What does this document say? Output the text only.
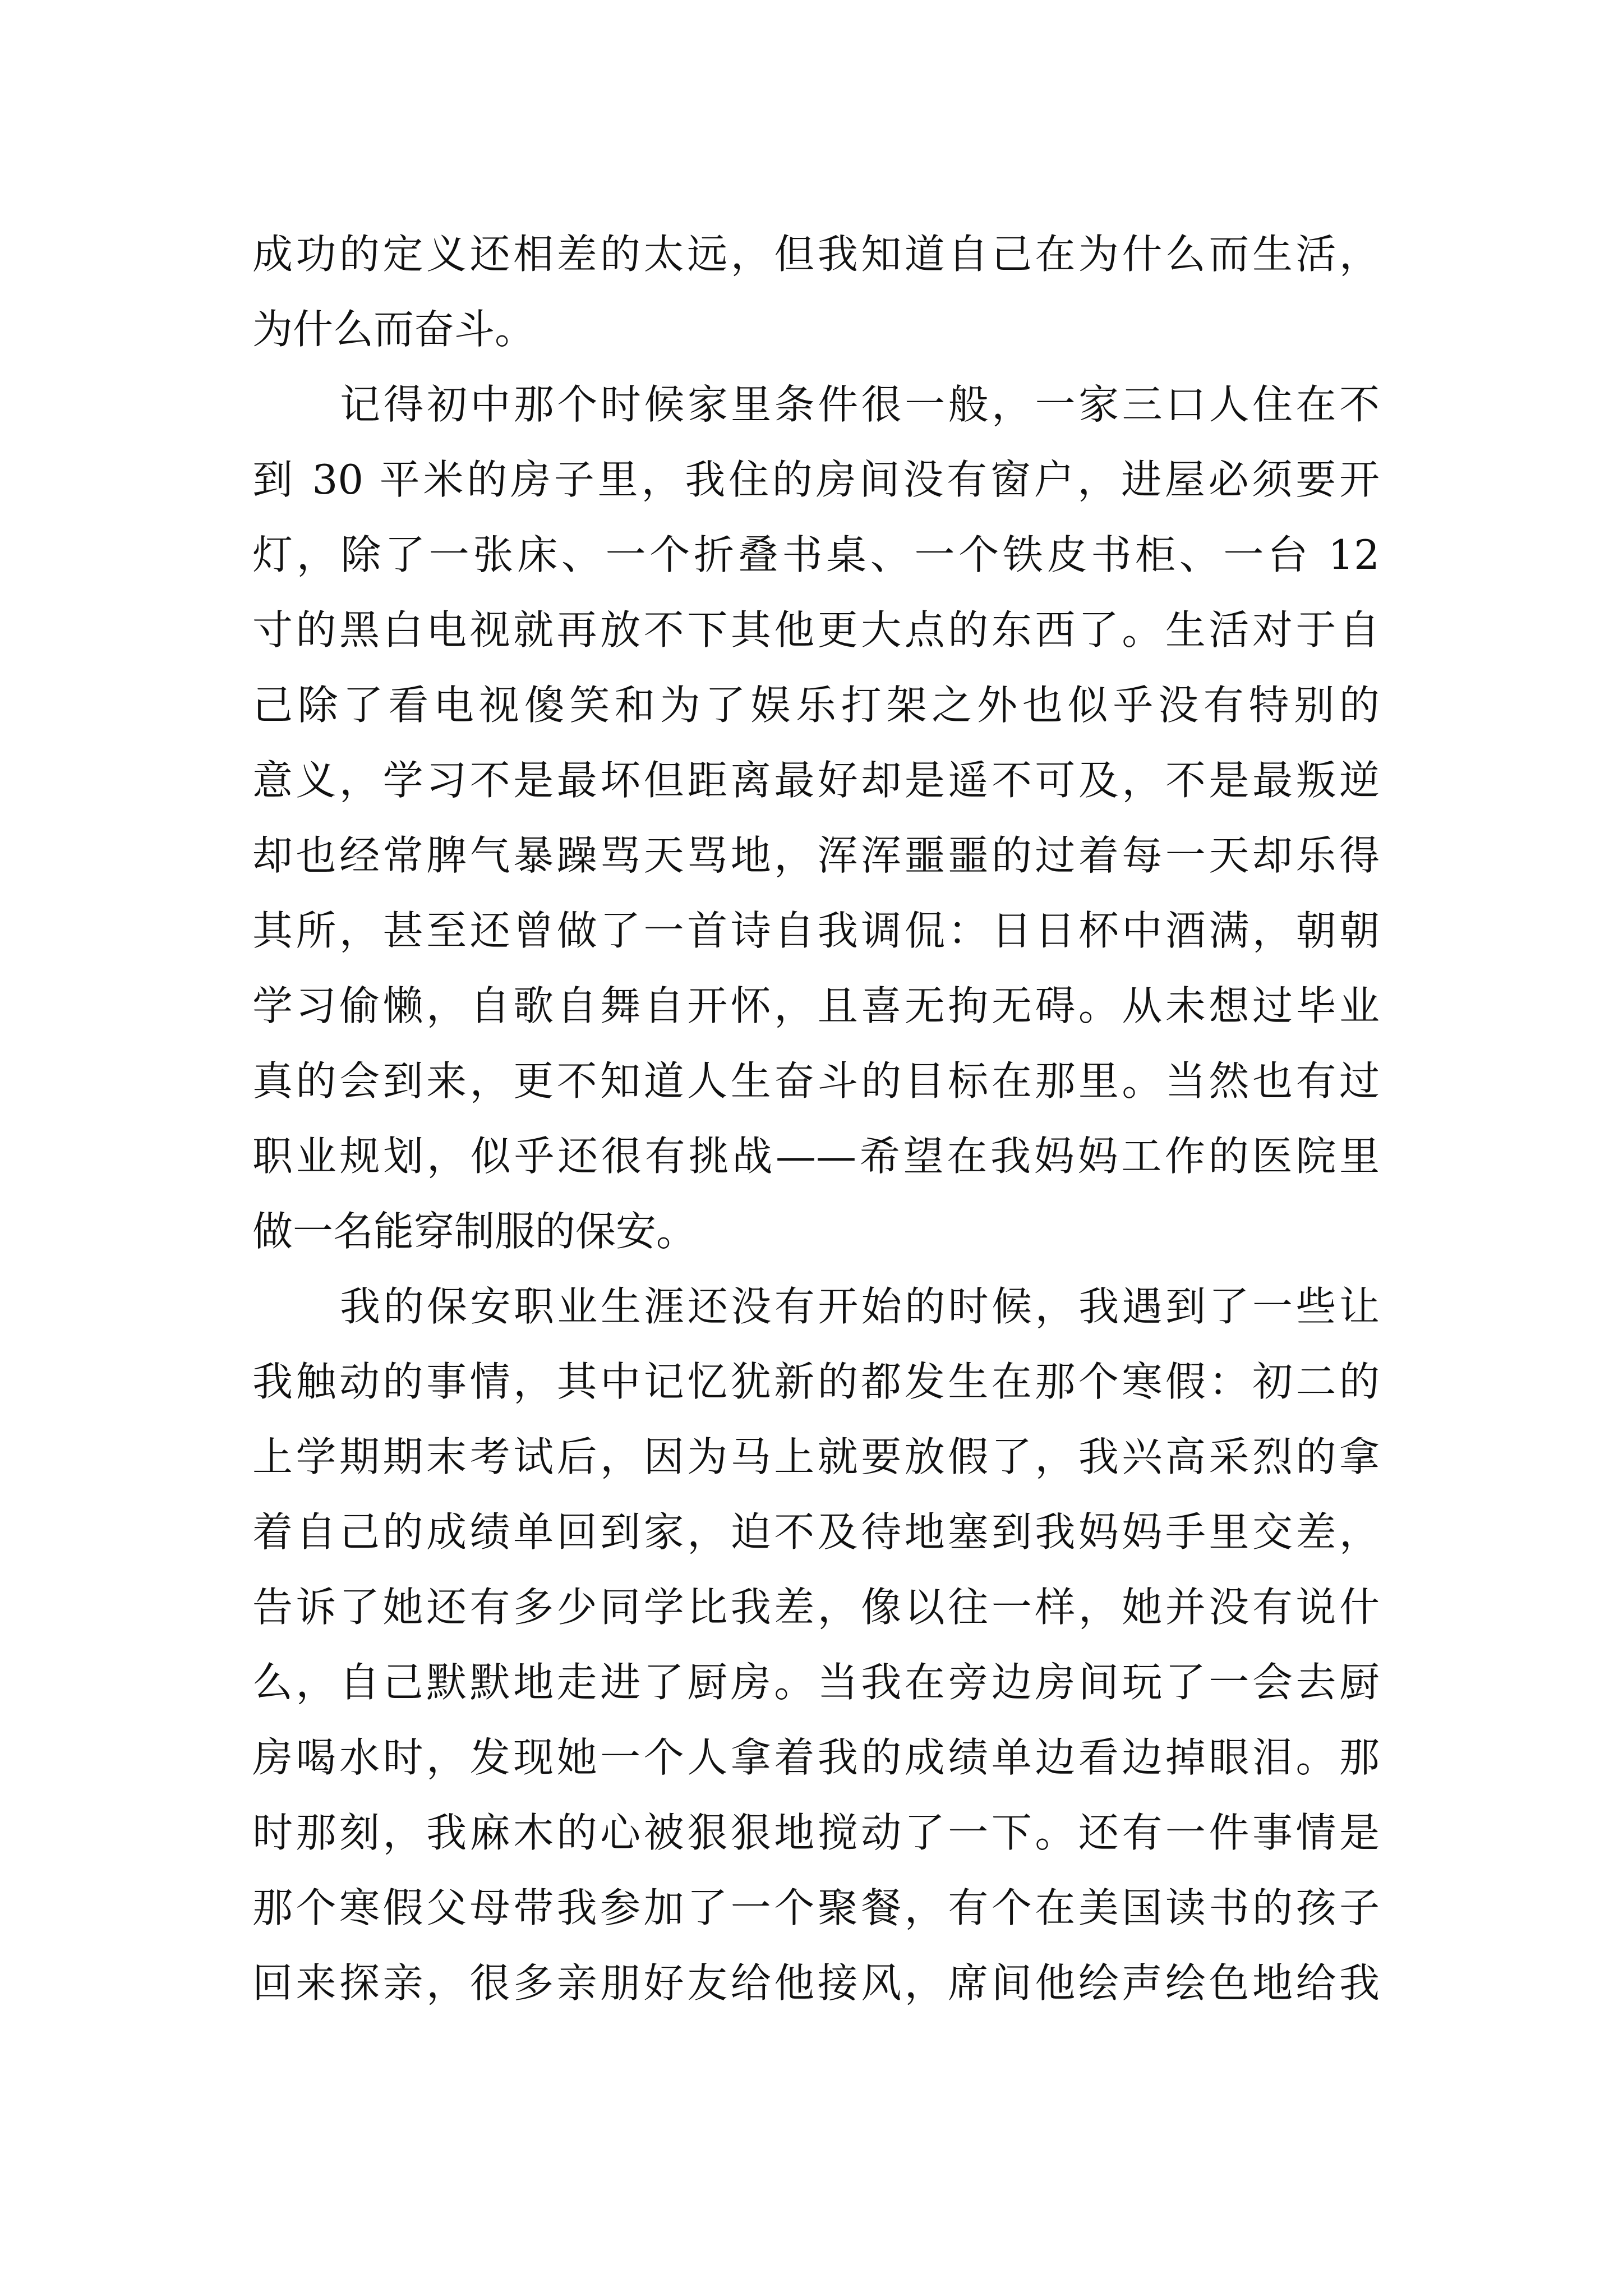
成功的定义还相差的太远，但我知道自己在为什么而生活，
为什么而奋斗。
记得初中那个时候家里条件很一般，一家三口人住在不
到 30 平米的房子里，我住的房间没有窗户，进屋必须要开
灯，除了一张床、一个折叠书桌、一个铁皮书柜、一台 12
寸的黑白电视就再放不下其他更大点的东西了。生活对于自
己除了看电视傻笑和为了娱乐打架之外也似乎没有特别的
意义，学习不是最坏但距离最好却是遥不可及，不是最叛逆
却也经常脾气暴躁骂天骂地，浑浑噩噩的过着每一天却乐得
其所，甚至还曾做了一首诗自我调侃：日日杯中酒满，朝朝
学习偷懒，自歌自舞自开怀，且喜无拘无碍。从未想过毕业
真的会到来，更不知道人生奋斗的目标在那里。当然也有过
职业规划，似乎还很有挑战——希望在我妈妈工作的医院里
做一名能穿制服的保安。
我的保安职业生涯还没有开始的时候，我遇到了一些让
我触动的事情，其中记忆犹新的都发生在那个寒假：初二的
上学期期末考试后，因为马上就要放假了，我兴高采烈的拿
着自己的成绩单回到家，迫不及待地塞到我妈妈手里交差，
告诉了她还有多少同学比我差，像以往一样，她并没有说什
么，自己默默地走进了厨房。当我在旁边房间玩了一会去厨
房喝水时，发现她一个人拿着我的成绩单边看边掉眼泪。那
时那刻，我麻木的心被狠狠地搅动了一下。还有一件事情是
那个寒假父母带我参加了一个聚餐，有个在美国读书的孩子
回来探亲，很多亲朋好友给他接风，席间他绘声绘色地给我
